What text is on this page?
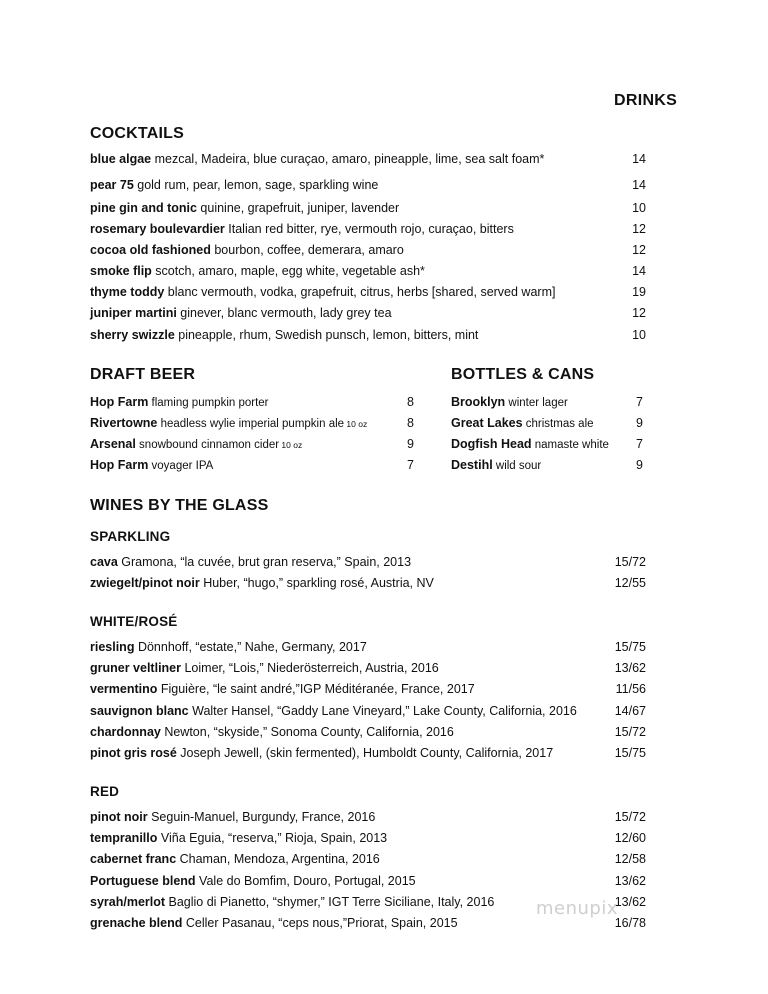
DRINKS
COCKTAILS
blue algae mezcal, Madeira, blue curaçao, amaro, pineapple, lime, sea salt foam*	14
pear 75 gold rum, pear, lemon, sage, sparkling wine	14
pine gin and tonic quinine, grapefruit, juniper, lavender	10
rosemary boulevardier Italian red bitter, rye, vermouth rojo, curaçao, bitters	12
cocoa old fashioned bourbon, coffee, demerara, amaro	12
smoke flip scotch, amaro, maple, egg white, vegetable ash*	14
thyme toddy blanc vermouth, vodka, grapefruit, citrus, herbs [shared, served warm]	19
juniper martini ginever, blanc vermouth, lady grey tea	12
sherry swizzle pineapple, rhum, Swedish punsch, lemon, bitters, mint	10
DRAFT BEER
Hop Farm flaming pumpkin porter	8
Rivertowne headless wylie imperial pumpkin ale 10 oz	8
Arsenal snowbound cinnamon cider 10 oz	9
Hop Farm voyager IPA	7
BOTTLES & CANS
Brooklyn winter lager	7
Great Lakes christmas ale	9
Dogfish Head namaste white 7
Destihl wild sour	9
WINES BY THE GLASS
SPARKLING
cava Gramona, “la cuvée, brut gran reserva,” Spain, 2013	15/72
zwiegelt/pinot noir Huber, “hugo,” sparkling rosé, Austria, NV	12/55
WHITE/ROSÉ
riesling Dönnhoff, “estate,” Nahe, Germany, 2017	15/75
gruner veltliner Loimer, “Lois,” Niederösterreich, Austria, 2016	13/62
vermentino Figuière, “le saint andré,”IGP Méditéranée, France, 2017	11/56
sauvignon blanc Walter Hansel, “Gaddy Lane Vineyard,” Lake County, California, 2016	14/67
chardonnay Newton, “skyside,” Sonoma County, California, 2016	15/72
pinot gris rosé Joseph Jewell, (skin fermented), Humboldt County, California, 2017	15/75
RED
pinot noir Seguin-Manuel, Burgundy, France, 2016	15/72
tempranillo Viña Eguia, “reserva,” Rioja, Spain, 2013	12/60
cabernet franc Chaman, Mendoza, Argentina, 2016	12/58
Portuguese blend Vale do Bomfim, Douro, Portugal, 2015	13/62
syrah/merlot Baglio di Pianetto, “shymer,” IGT Terre Siciliane, Italy, 2016	13/62
grenache blend Celler Pasanau, “ceps nous,”Priorat, Spain, 2015	16/78
menupix
